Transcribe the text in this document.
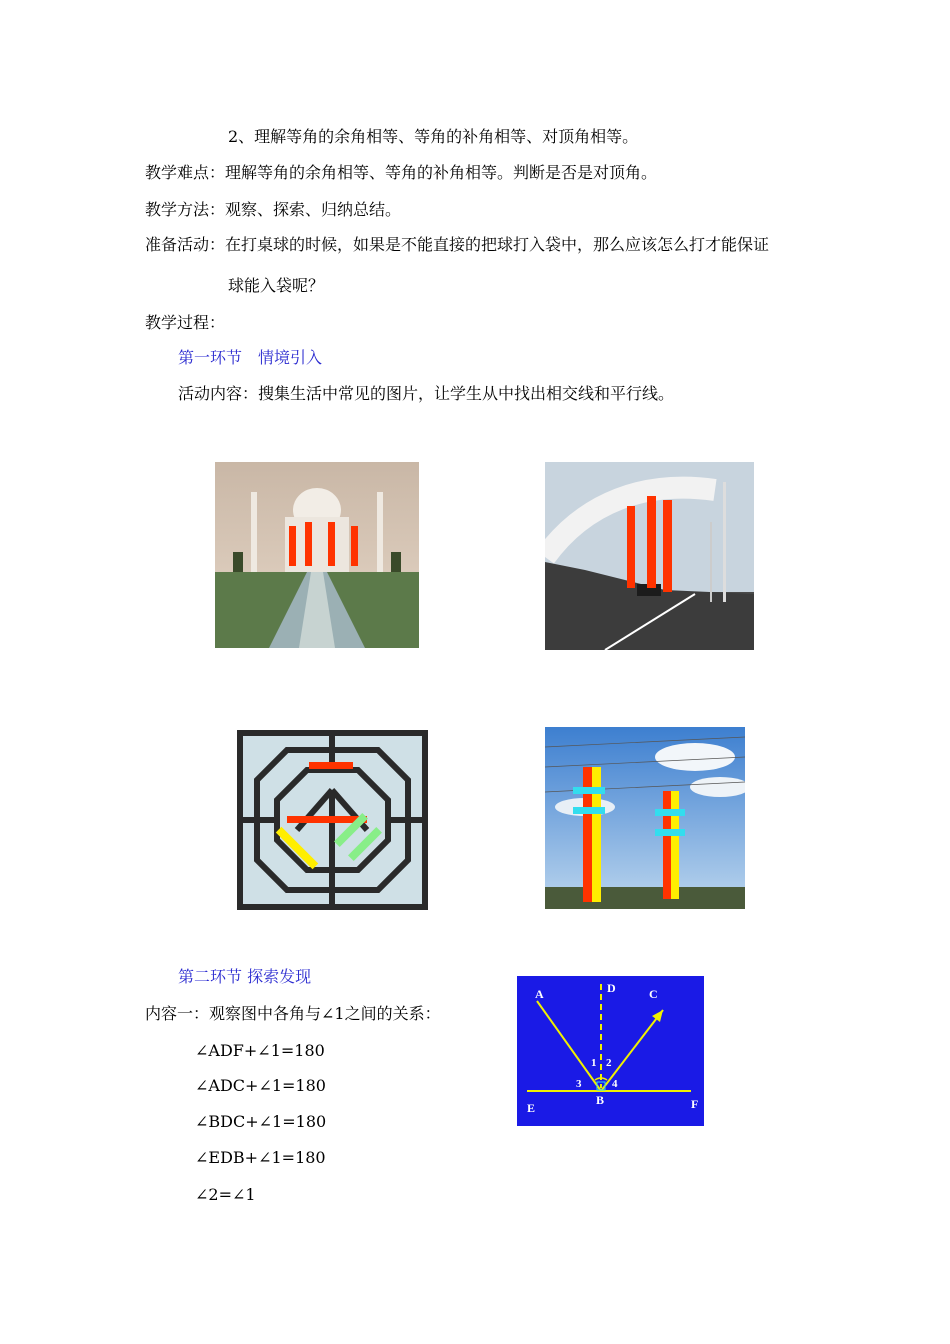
2、理解等角的余角相等、等角的补角相等、对顶角相等。
教学难点：理解等角的余角相等、等角的补角相等。判断是否是对顶角。
教学方法：观察、探索、归纳总结。
准备活动：在打桌球的时候，如果是不能直接的把球打入袋中，那么应该怎么打才能保证
球能入袋呢？
教学过程：
第一环节　情境引入
活动内容：搜集生活中常见的图片，让学生从中找出相交线和平行线。
第二环节 探索发现
内容一：观察图中各角与∠1之间的关系：
∠ADF+∠1=180
∠ADC+∠1=180
∠BDC+∠1=180
∠EDB+∠1=180
∠2=∠1
A	D	C
E	F
B
1 2
3	4
